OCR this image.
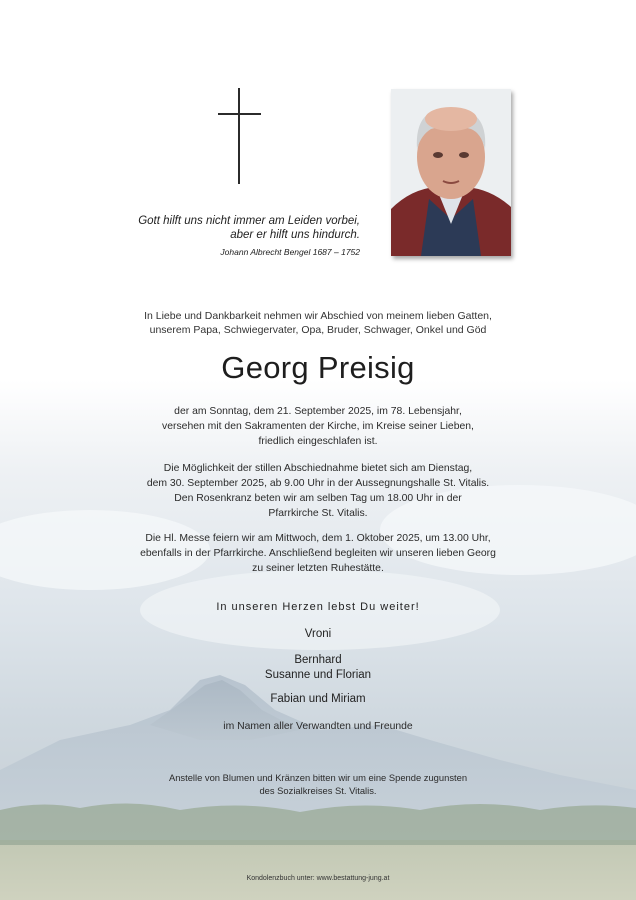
Gott hilft uns nicht immer am Leiden vorbei,
aber er hilft uns hindurch.
Johann Albrecht Bengel 1687 – 1752
In Liebe und Dankbarkeit nehmen wir Abschied von meinem lieben Gatten,
unserem Papa, Schwiegervater, Opa, Bruder, Schwager, Onkel und Göd
Georg Preisig
der am Sonntag, dem 21. September 2025, im 78. Lebensjahr,
versehen mit den Sakramenten der Kirche, im Kreise seiner Lieben,
friedlich eingeschlafen ist.
Die Möglichkeit der stillen Abschiednahme bietet sich am Dienstag,
dem 30. September 2025, ab 9.00 Uhr in der Aussegnungshalle St. Vitalis.
Den Rosenkranz beten wir am selben Tag um 18.00 Uhr in der
Pfarrkirche St. Vitalis.
Die Hl. Messe feiern wir am Mittwoch, dem 1. Oktober 2025, um 13.00 Uhr,
ebenfalls in der Pfarrkirche. Anschließend begleiten wir unseren lieben Georg
zu seiner letzten Ruhestätte.
In unseren Herzen lebst Du weiter!
Vroni
Bernhard
Susanne und Florian
Fabian und Miriam
im Namen aller Verwandten und Freunde
Anstelle von Blumen und Kränzen bitten wir um eine Spende zugunsten
des Sozialkreises St. Vitalis.
Kondolenzbuch unter: www.bestattung-jung.at
